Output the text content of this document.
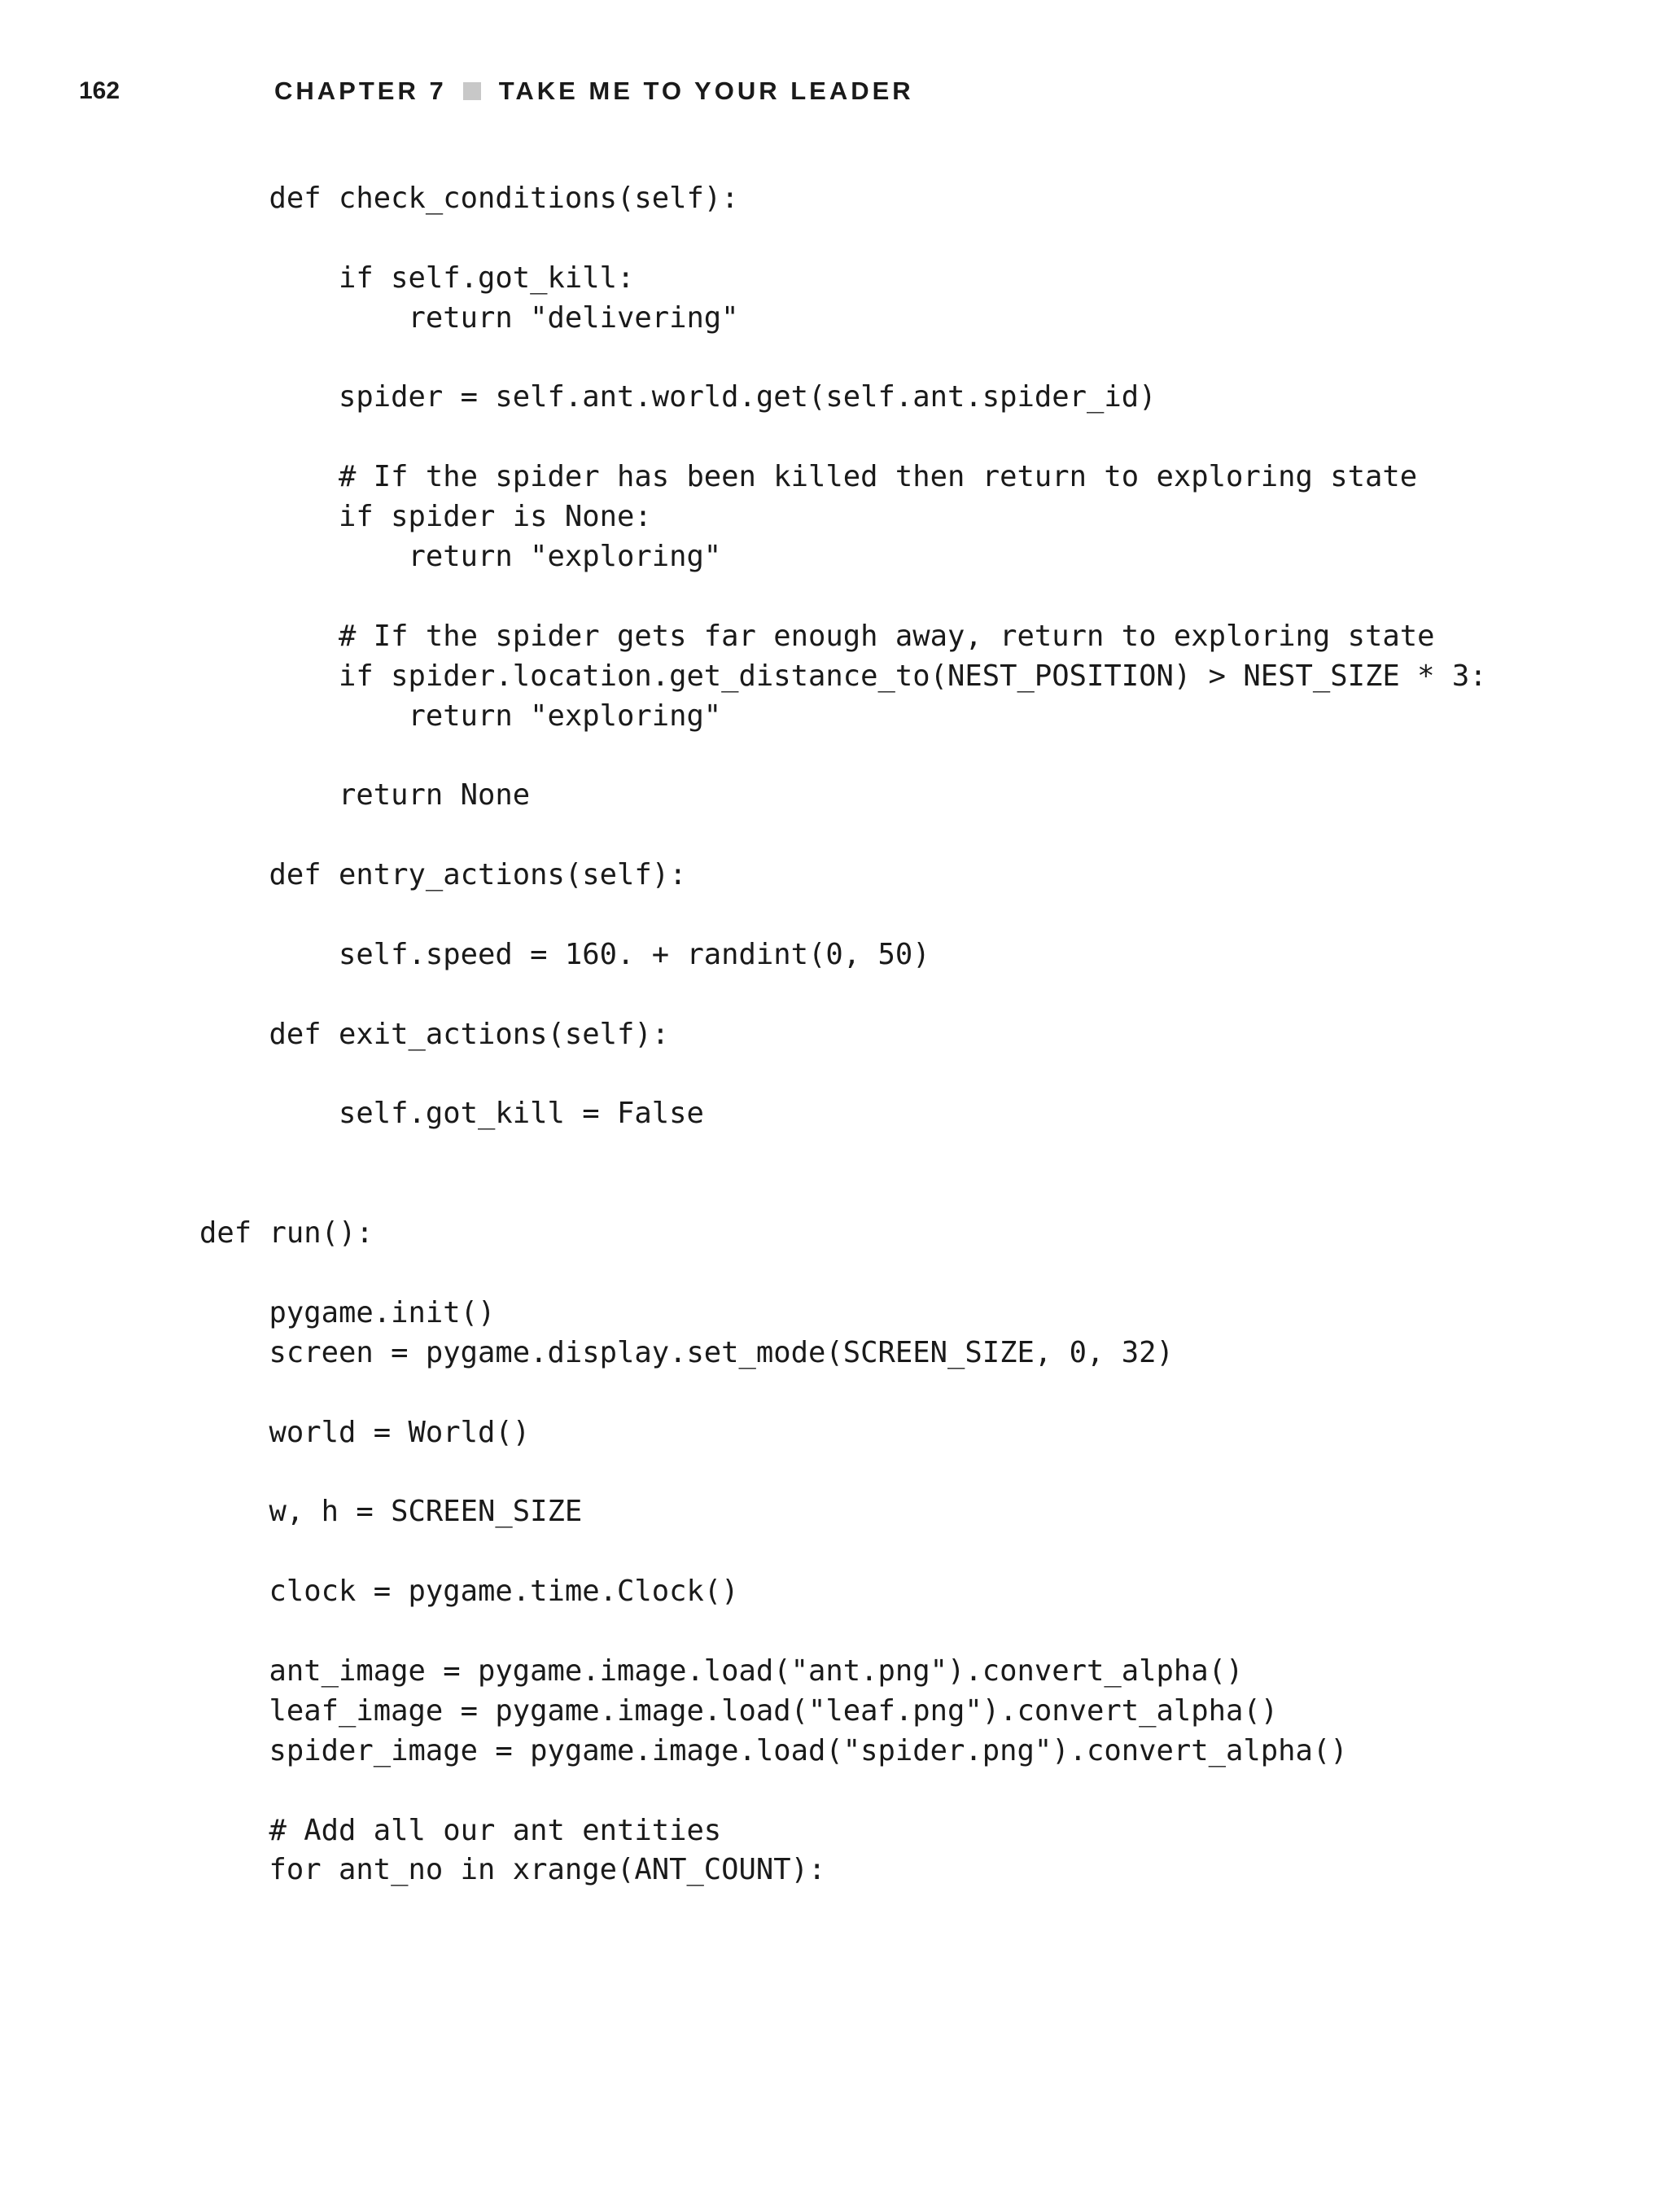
162	CHAPTER 7 TAKE ME TO YOUR LEADER
def check_conditions(self):
if self.got_kill:
return "delivering"
spider = self.ant.world.get(self.ant.spider_id)
# If the spider has been killed then return to exploring state
if spider is None:
return "exploring"
# If the spider gets far enough away, return to exploring state
if spider.location.get_distance_to(NEST_POSITION) > NEST_SIZE * 3:
return "exploring"
return None
def entry_actions(self):
self.speed = 160. + randint(0, 50)
def exit_actions(self):
self.got_kill = False
def run():
pygame.init()
screen = pygame.display.set_mode(SCREEN_SIZE, 0, 32)
world = World()
w, h = SCREEN_SIZE
clock = pygame.time.Clock()
ant_image = pygame.image.load("ant.png").convert_alpha()
leaf_image = pygame.image.load("leaf.png").convert_alpha()
spider_image = pygame.image.load("spider.png").convert_alpha()
# Add all our ant entities
for ant_no in xrange(ANT_COUNT):
